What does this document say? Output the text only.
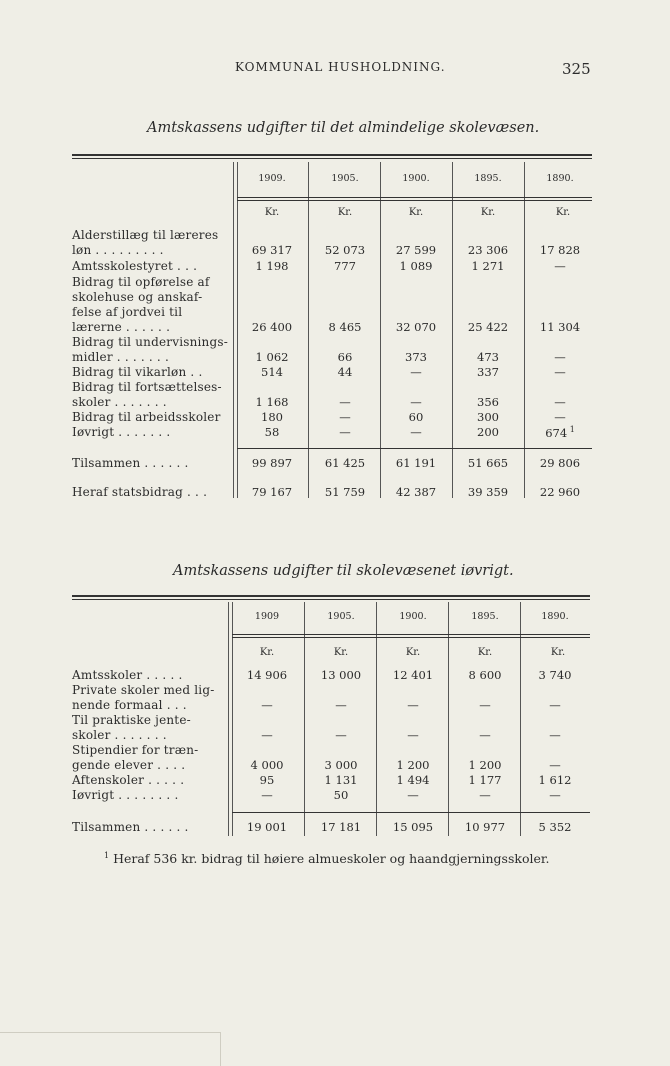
KOMMUNAL HUSHOLDNING.	325
Amtskassens udgifter til det almindelige skolevæsen.
1909.	1905.	1900.	1895.	1890.
Kr.	Kr.	Kr.	Kr.	Kr.
Alderstillæg til læreres
løn . . . . . . . . .	69 317	52 073	27 599	23 306	17 828
Amtsskolestyret . . .	1 198	777	1 089	1 271	—
Bidrag til opførelse af
skolehuse og anskaf-
felse af jordvei til
lærerne . . . . . .	26 400	8 465	32 070	25 422	11 304
Bidrag til undervisnings-
midler . . . . . . .	1 062	66	373	473	—
Bidrag til vikarløn . .	514	44	—	337	—
Bidrag til fortsættelses-
skoler . . . . . . .	1 168	—	—	356	—
Bidrag til arbeidsskoler	180	—	60	300	—
Iøvrigt . . . . . . .	58	—	—	200	674 $^1$
Tilsammen . . . . . .	99 897	61 425	61 191	51 665	29 806
Heraf statsbidrag . . .	79 167	51 759	42 387	39 359	22 960
Amtskassens udgifter til skolevæsenet iøvrigt.
1909	1905.	1900.	1895.	1890.
Kr.	Kr.	Kr.	Kr.	Kr.
Amtsskoler . . . . .	14 906	13 000	12 401	8 600	3 740
Private skoler med lig-
nende formaal . . .	—	—	—	—	—
Til praktiske jente-
skoler . . . . . . .	—	—	—	—	—
Stipendier for træn-
gende elever . . . .	4 000	3 000	1 200	1 200	—
Aftenskoler . . . . .	95	1 131	1 494	1 177	1 612
Iøvrigt . . . . . . . .	—	50	—	—	—
Tilsammen . . . . . .	19 001	17 181	15 095	10 977	5 352
$^1$ Heraf 536 kr. bidrag til høiere almueskoler og haandgjerningsskoler.
